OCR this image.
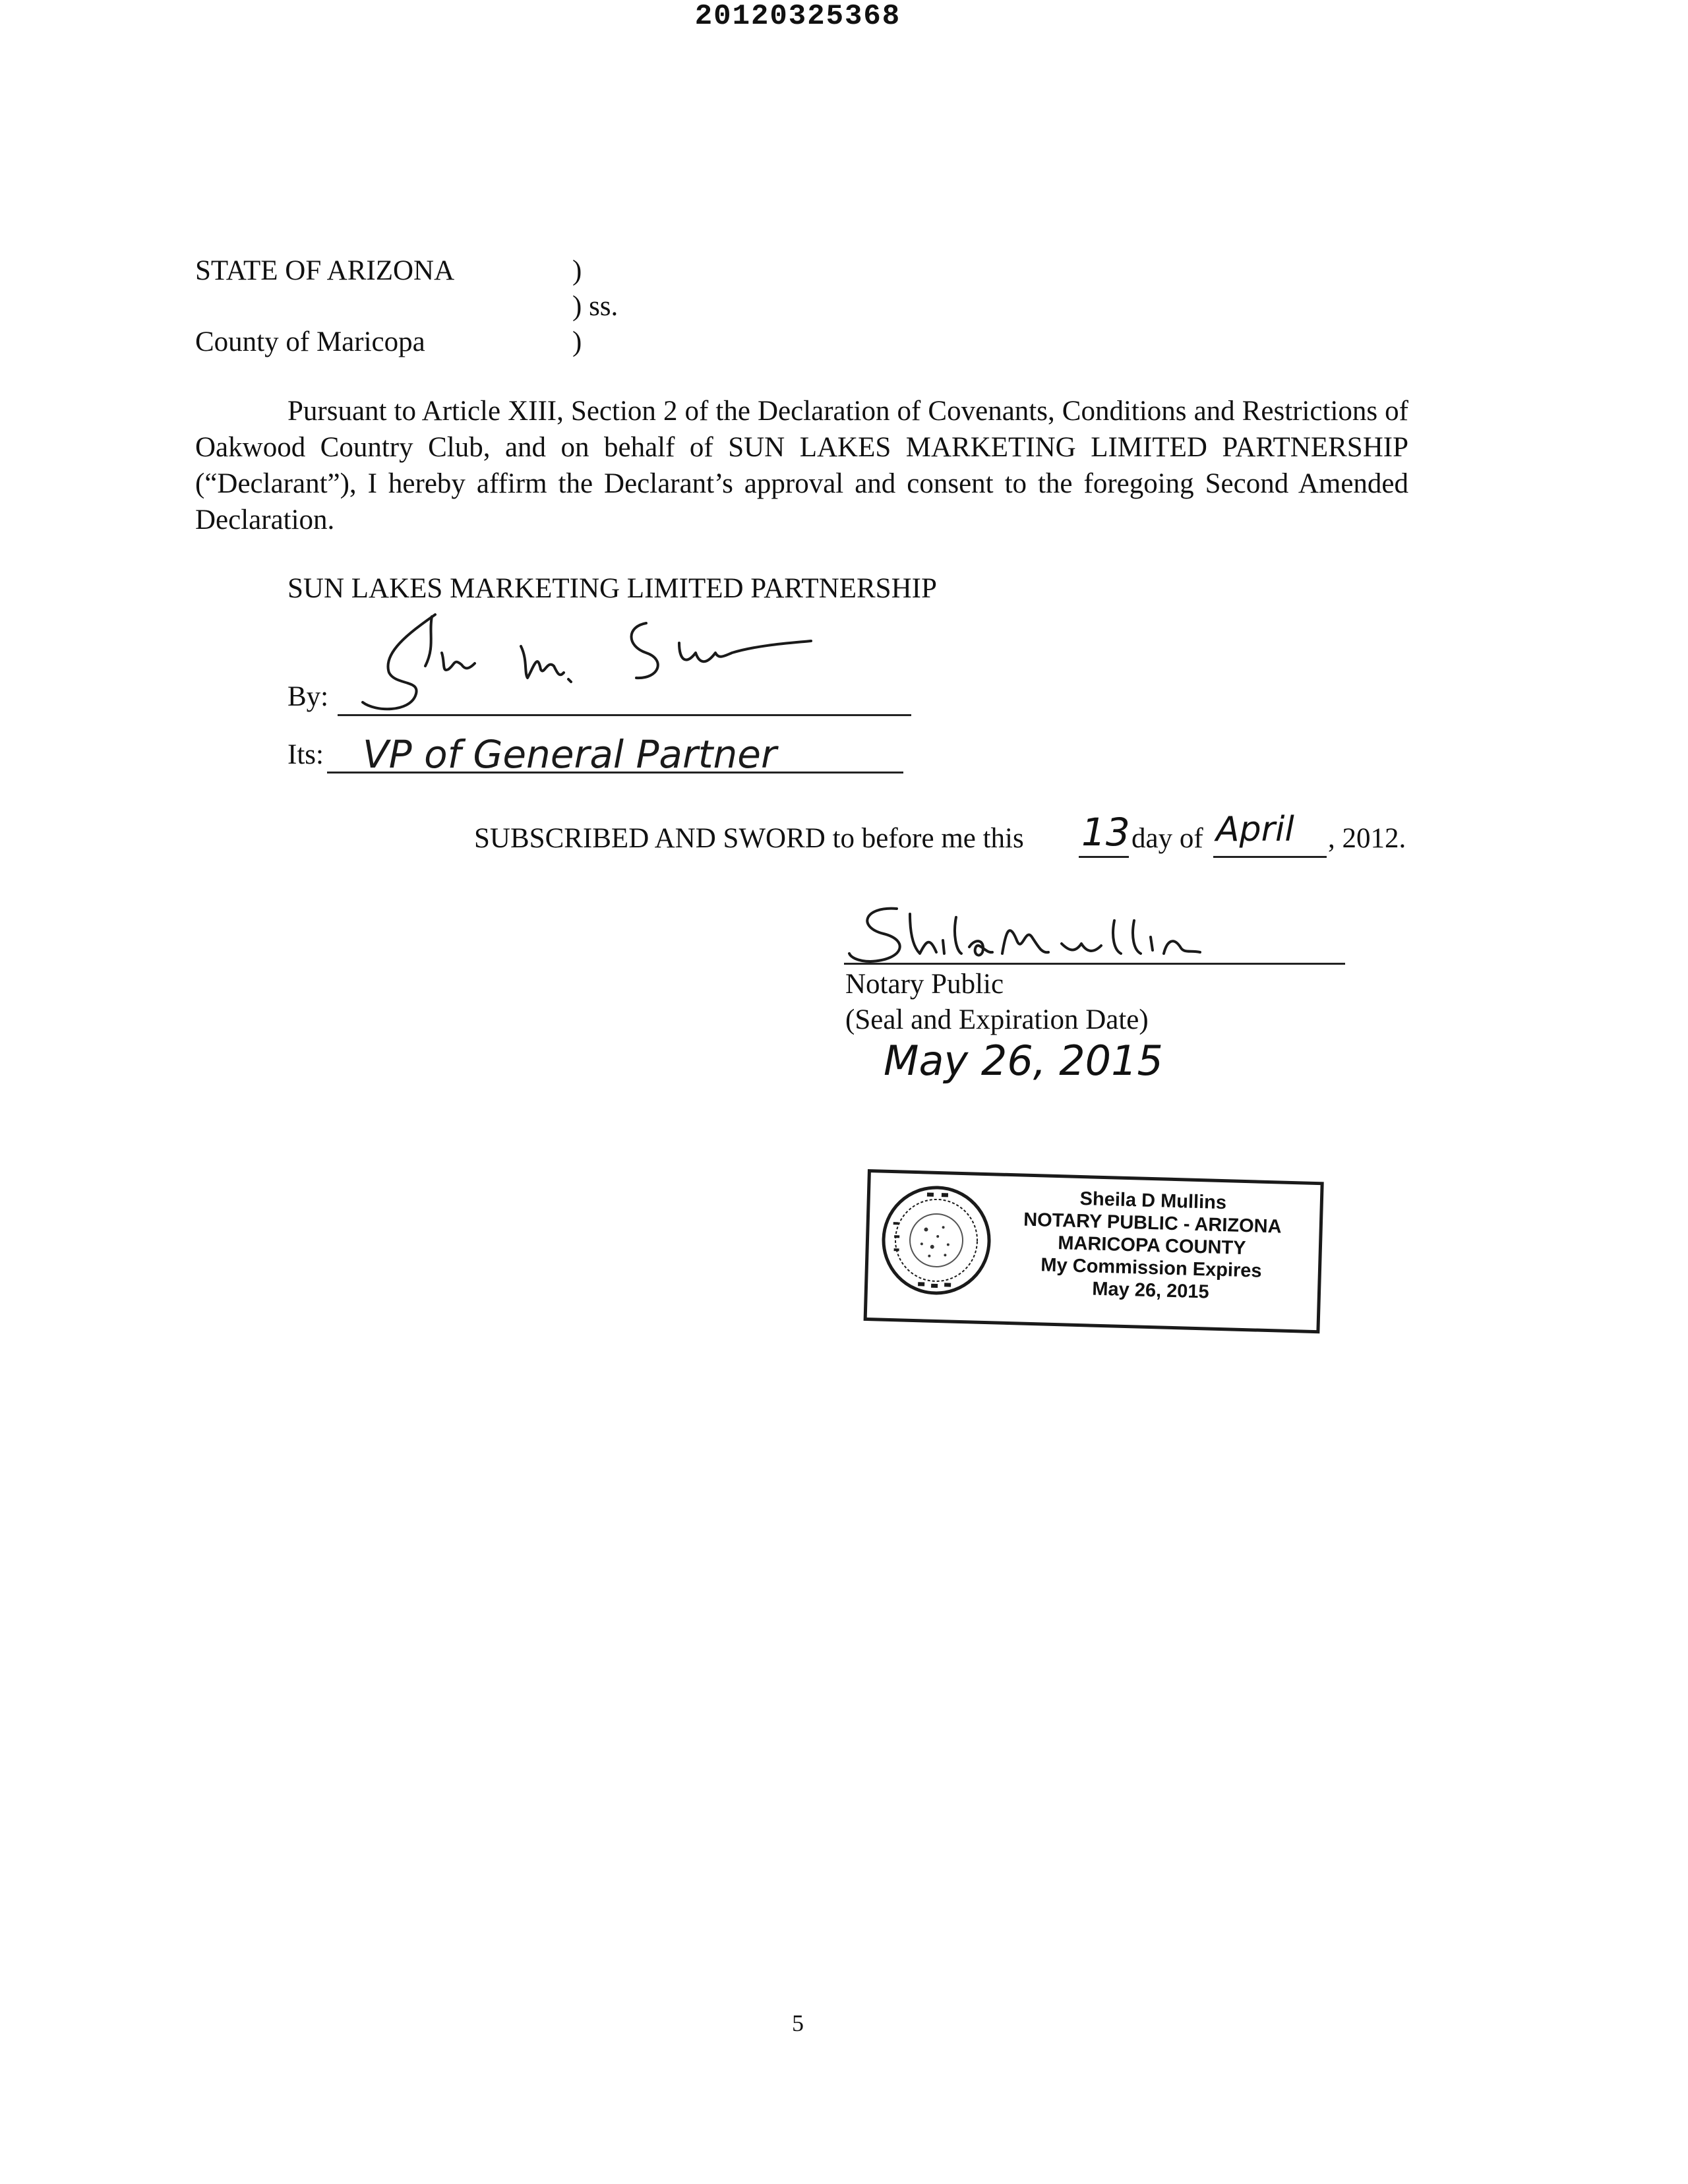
20120325368
STATE OF ARIZONA	)
) ss.
County of Maricopa	)
Pursuant to Article XIII, Section 2 of the Declaration of Covenants, Conditions and Restrictions of Oakwood Country Club, and on behalf of SUN LAKES MARKETING LIMITED PARTNERSHIP (“Declarant”), I hereby affirm the Declarant’s approval and consent to the foregoing Second Amended Declaration.
SUN LAKES MARKETING LIMITED PARTNERSHIP
By:
Its: VP of General Partner
SUBSCRIBED AND SWORD to before me this 13 day of April , 2012.
Notary Public
(Seal and Expiration Date)
May 26, 2015
Sheila D Mullins
NOTARY PUBLIC - ARIZONA
MARICOPA COUNTY
My Commission Expires
May 26, 2015
5
